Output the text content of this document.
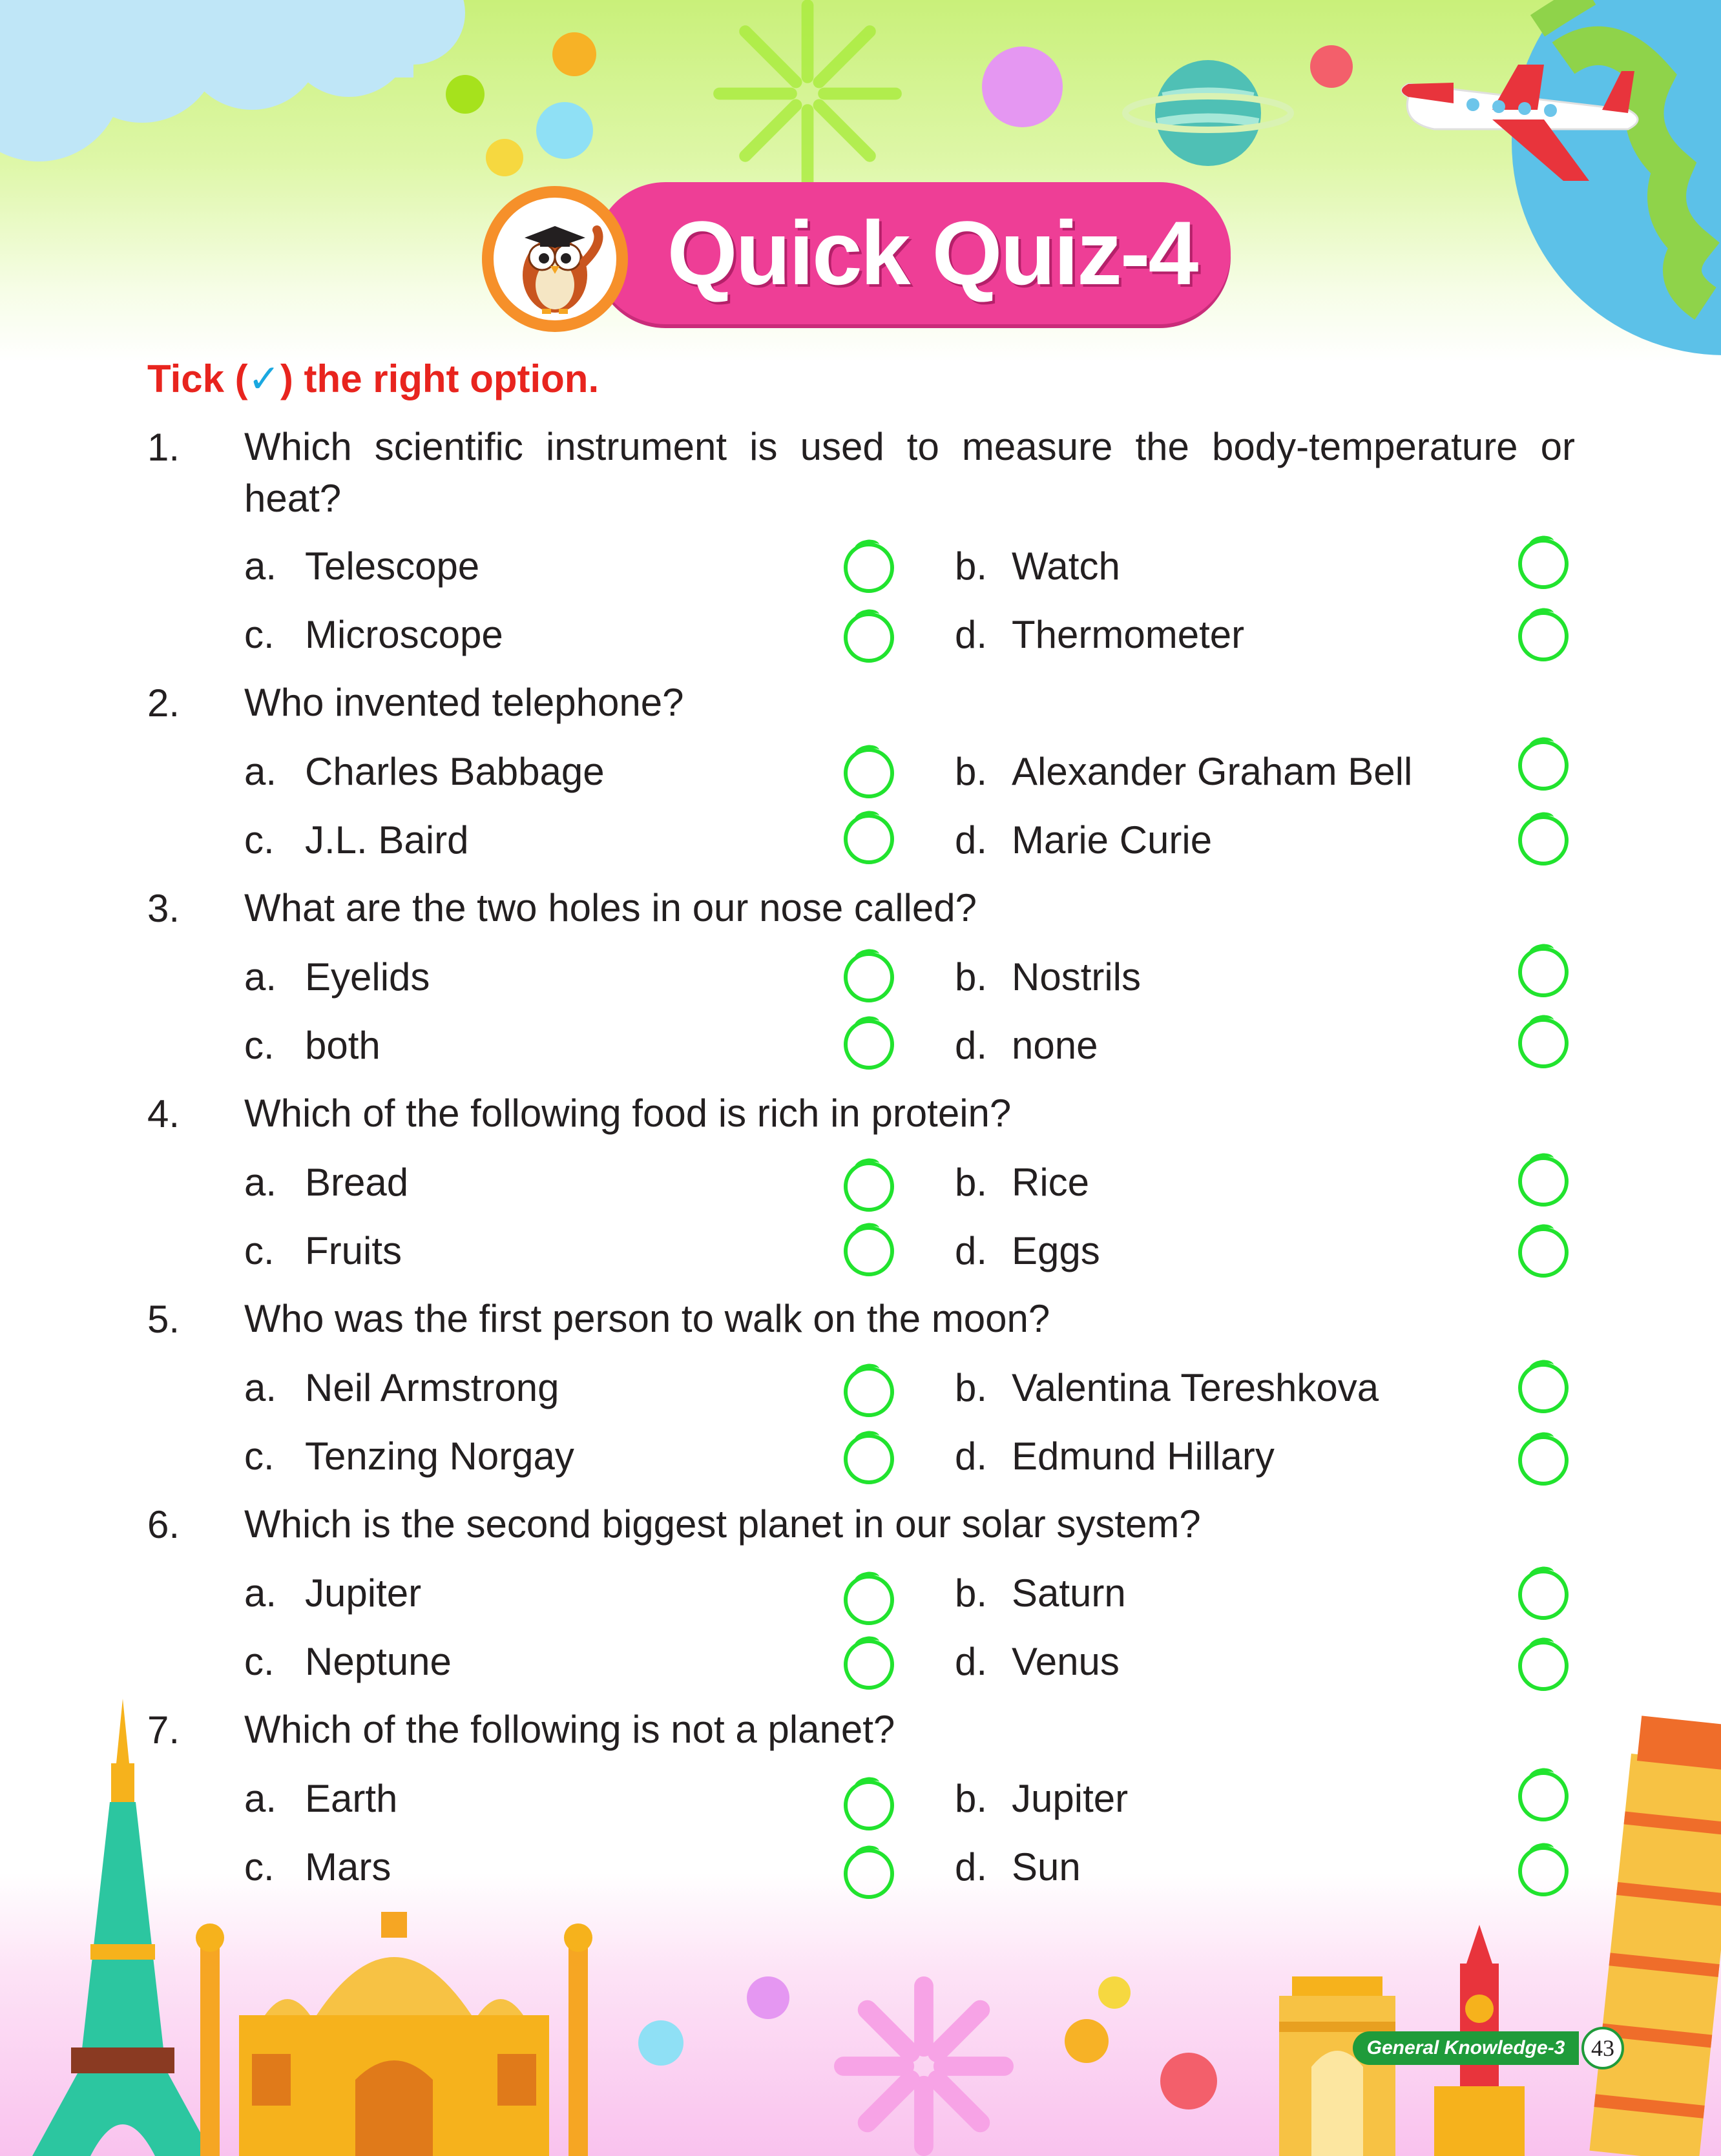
Quick Quiz-4
Tick (✓) the right option.
1. Which scientific instrument is used to measure the body-temperature or heat?
a. Telescope	b. Watch
c. Microscope	d. Thermometer
2. Who invented telephone?
a. Charles Babbage	b. Alexander Graham Bell
c. J.L. Baird	d. Marie Curie
3. What are the two holes in our nose called?
a. Eyelids	b. Nostrils
c. both	d. none
4. Which of the following food is rich in protein?
a. Bread	b. Rice
c. Fruits	d. Eggs
5. Who was the first person to walk on the moon?
a. Neil Armstrong	b. Valentina Tereshkova
c. Tenzing Norgay	d. Edmund Hillary
6. Which is the second biggest planet in our solar system?
a. Jupiter	b. Saturn
c. Neptune	d. Venus
7. Which of the following is not a planet?
a. Earth	b. Jupiter
c. Mars	d. Sun
General Knowledge-3	43
